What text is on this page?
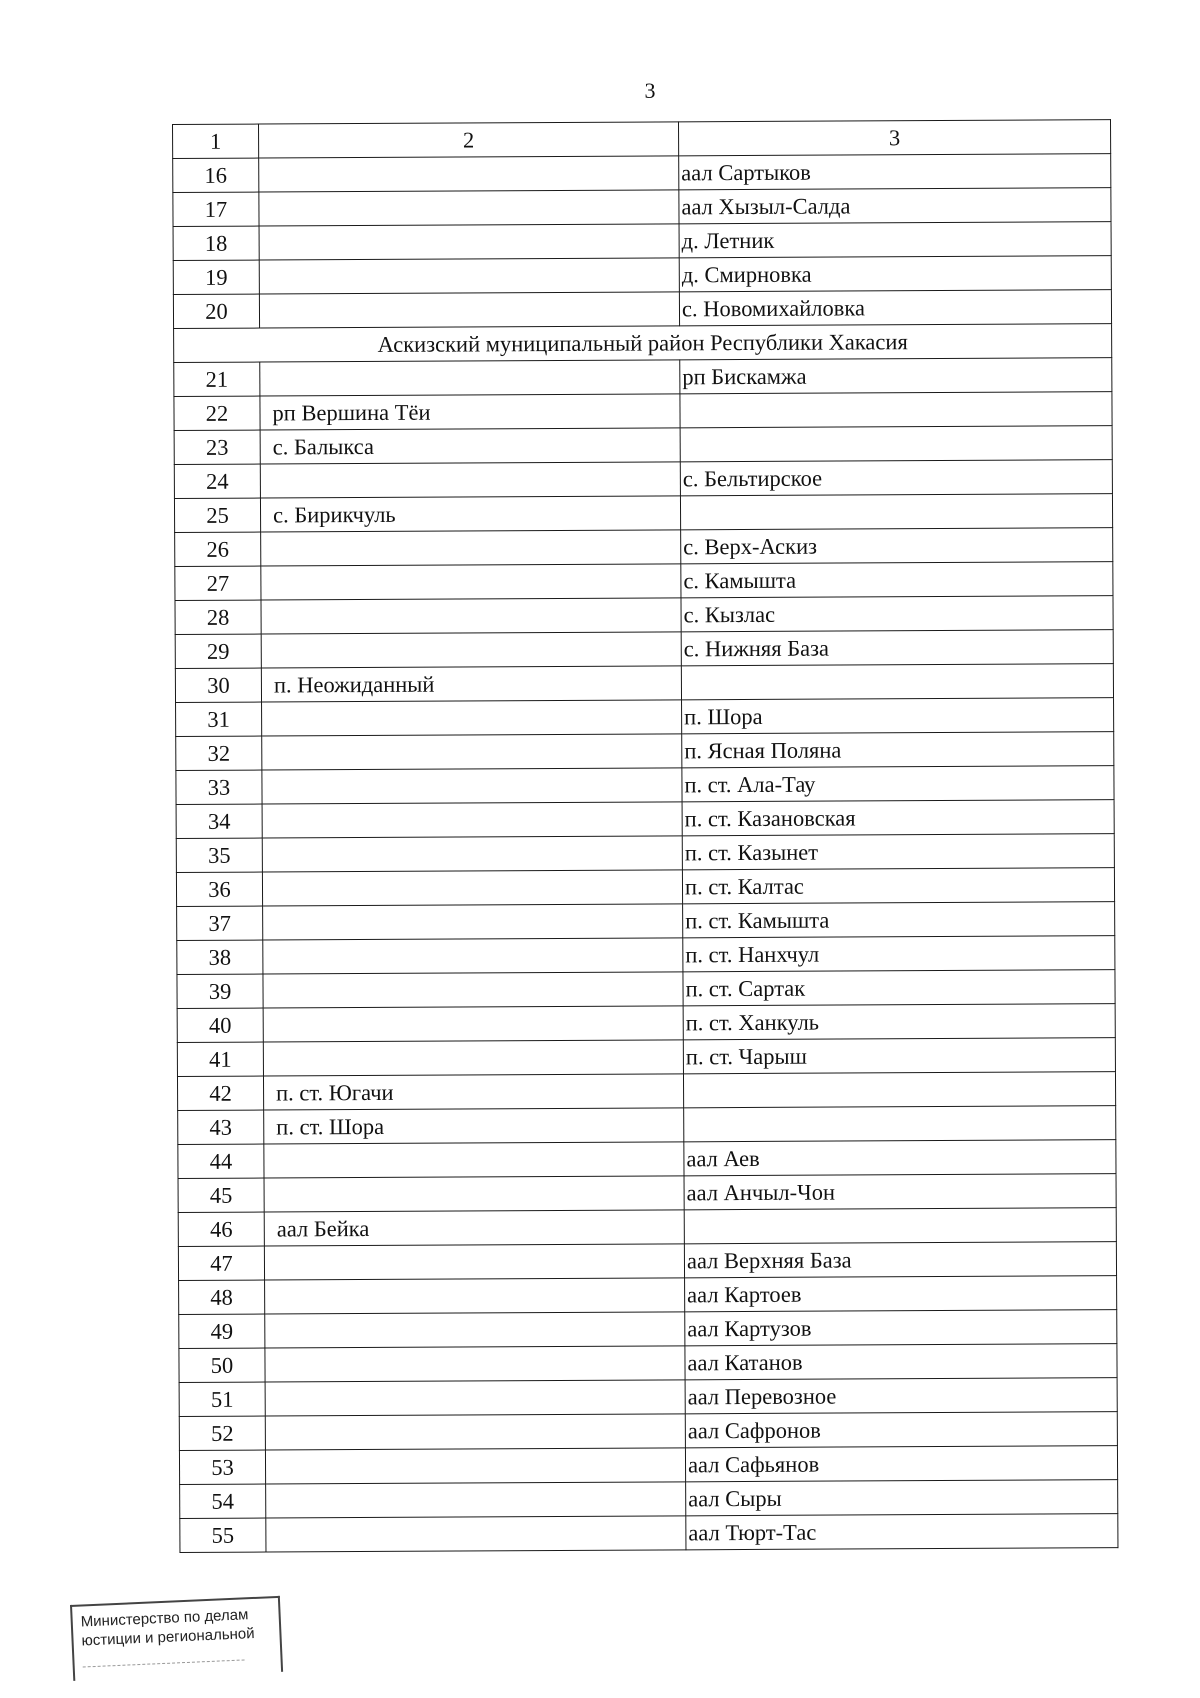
3
1	2	3
16		аал Сартыков
17		аал Хызыл-Салда
18		д. Летник
19		д. Смирновка
20		с. Новомихайловка
Аскизский муниципальный район Республики Хакасия		
21		рп Бискамжа
22	рп Вершина Тёи	
23	с. Балыкса	
24		с. Бельтирское
25	с. Бирикчуль	
26		с. Верх-Аскиз
27		с. Камышта
28		с. Кызлас
29		с. Нижняя База
30	п. Неожиданный	
31		п. Шора
32		п. Ясная Поляна
33		п. ст. Ала-Тау
34		п. ст. Казановская
35		п. ст. Казынет
36		п. ст. Калтас
37		п. ст. Камышта
38		п. ст. Нанхчул
39		п. ст. Сартак
40		п. ст. Ханкуль
41		п. ст. Чарыш
42	п. ст. Югачи	
43	п. ст. Шора	
44		аал Аев
45		аал Анчыл-Чон
46	аал Бейка	
47		аал Верхняя База
48		аал Картоев
49		аал Картузов
50		аал Катанов
51		аал Перевозное
52		аал Сафронов
53		аал Сафьянов
54		аал Сыры
55		аал Тюрт-Тас
Министерство по делам
юстиции и региональной
